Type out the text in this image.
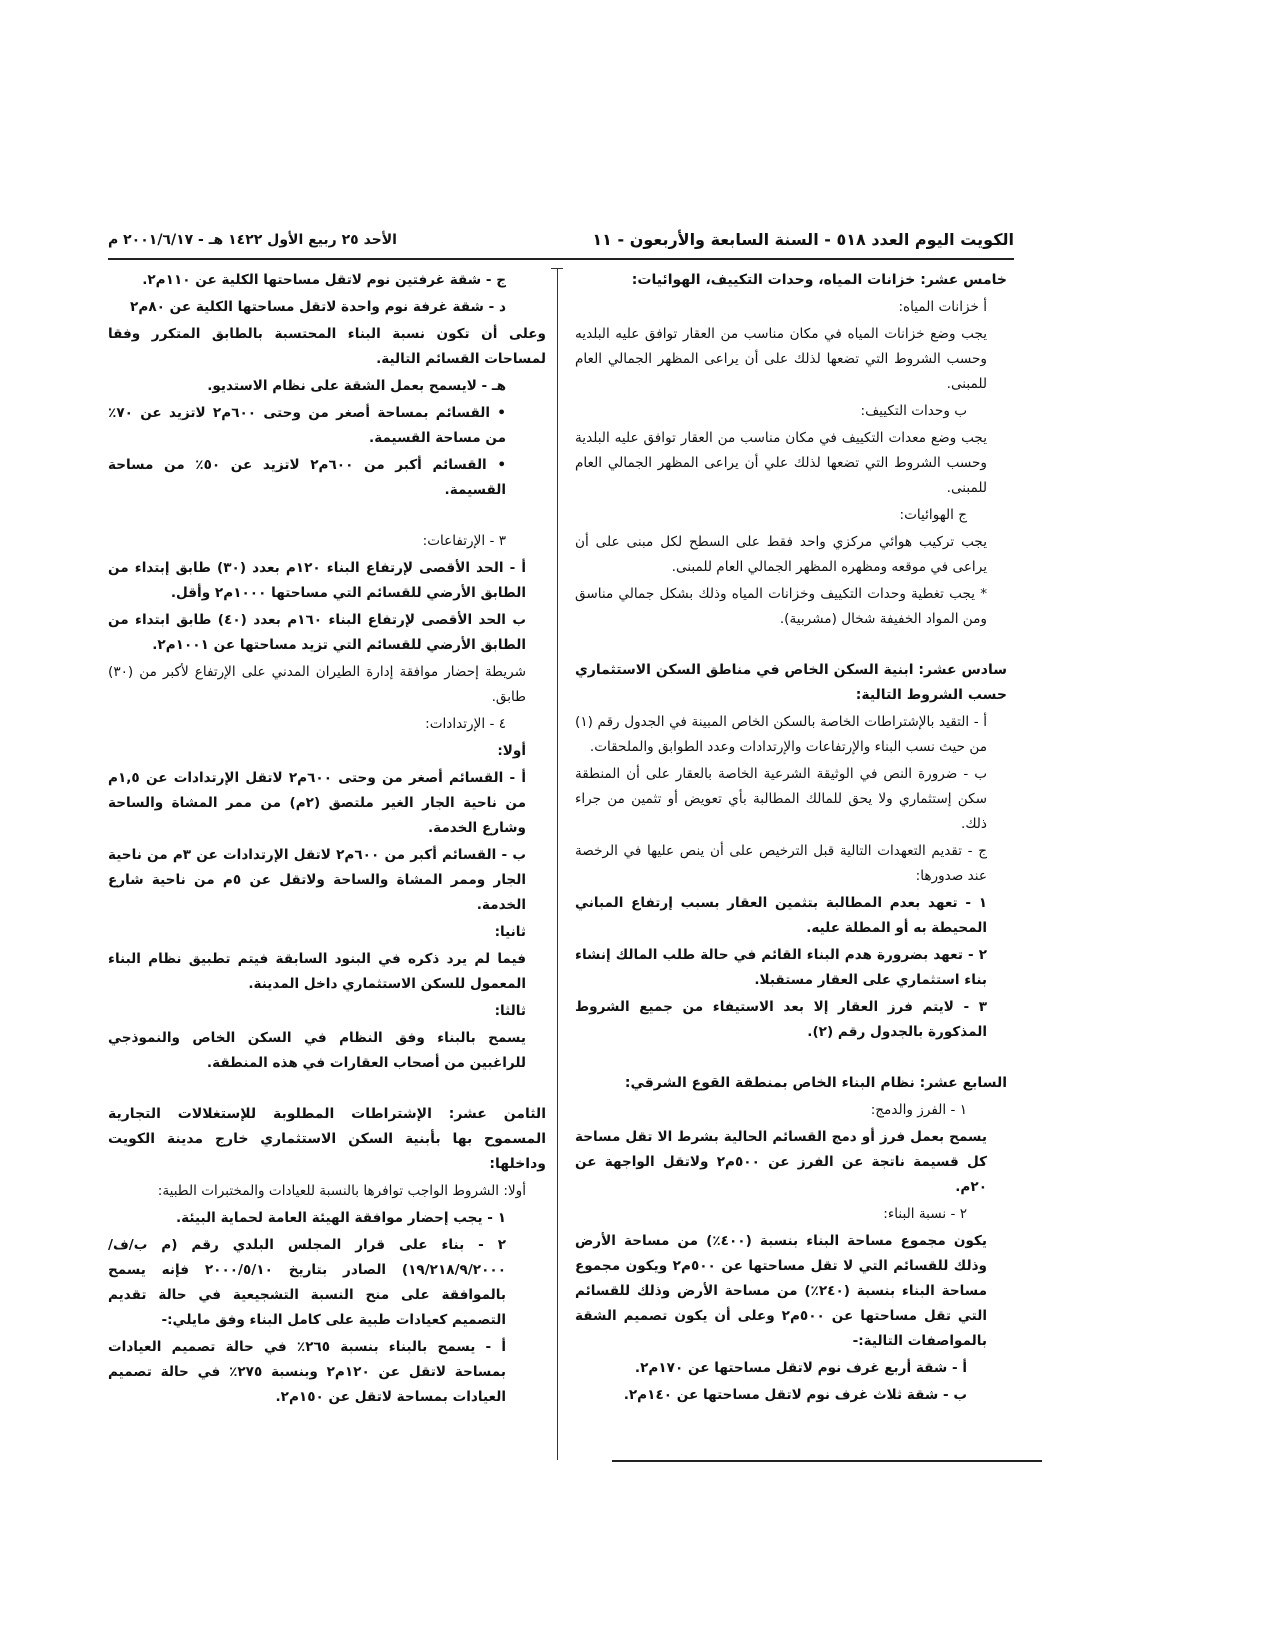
الكويت اليوم العدد ٥١٨ - السنة السابعة والأربعون - ١١
الأحد ٢٥ ربيع الأول ١٤٢٢ هـ - ٢٠٠١/٦/١٧ م

خامس عشر: خزانات المياه، وحدات التكييف، الهوائيات:

أ خزانات المياه:

يجب وضع خزانات المياه في مكان مناسب من العقار توافق عليه البلديه وحسب الشروط التي تضعها لذلك على أن يراعى المظهر الجمالي العام للمبنى.

ب وحدات التكييف:

يجب وضع معدات التكييف في مكان مناسب من العقار توافق عليه البلدية وحسب الشروط التي تضعها لذلك علي أن يراعى المظهر الجمالي العام للمبنى.

ج الهوائيات:

يجب تركيب هوائي مركزي واحد فقط على السطح لكل مبنى على أن يراعى في موقعه ومظهره المظهر الجمالي العام للمبنى.

* يجب تغطية وحدات التكييف وخزانات المياه وذلك بشكل جمالي مناسق ومن المواد الخفيفة شخال (مشربية).

سادس عشر: ابنية السكن الخاص في مناطق السكن الاستثماري حسب الشروط التالية:

أ - التقيد بالإشتراطات الخاصة بالسكن الخاص المبينة في الجدول رقم (١) من حيث نسب البناء والإرتفاعات والإرتدادات وعدد الطوابق والملحقات.

ب - ضرورة النص في الوثيقة الشرعية الخاصة بالعقار على أن المنطقة سكن إستثماري ولا يحق للمالك المطالبة بأي تعويض أو تثمين من جراء ذلك.

ج - تقديم التعهدات التالية قبل الترخيص على أن ينص عليها في الرخصة عند صدورها:

١ - تعهد بعدم المطالبة بتثمين العقار بسبب إرتفاع المباني المحيطة به أو المطلة عليه.

٢ - تعهد بضرورة هدم البناء القائم في حالة طلب المالك إنشاء بناء استثماري على العقار مستقبلا.

٣ - لايتم فرز العقار إلا بعد الاستيفاء من جميع الشروط المذكورة بالجدول رقم (٢).

السابع عشر: نظام البناء الخاص بمنطقة القوع الشرقي:

١ - الفرز والدمج:

يسمح بعمل فرز أو دمج القسائم الحالية بشرط الا تقل مساحة كل قسيمة ناتجة عن الفرز عن ٥٠٠م٢ ولاتقل الواجهة عن ٢٠م.

٢ - نسبة البناء:

يكون مجموع مساحة البناء بنسبة (٤٠٠٪) من مساحة الأرض وذلك للقسائم التي لا تقل مساحتها عن ٥٠٠م٢ ويكون مجموع مساحة البناء بنسبة (٢٤٠٪) من مساحة الأرض وذلك للقسائم التي تقل مساحتها عن ٥٠٠م٢ وعلى أن يكون تصميم الشقة بالمواصفات التالية:-

أ - شقة أربع غرف نوم لاتقل مساحتها عن ١٧٠م٢.

ب - شقة ثلاث غرف نوم لاتقل مساحتها عن ١٤٠م٢.

ج - شقة غرفتين نوم لاتقل مساحتها الكلية عن ١١٠م٢.

د - شقة غرفة نوم واحدة لاتقل مساحتها الكلية عن ٨٠م٢

وعلى أن تكون نسبة البناء المحتسبة بالطابق المتكرر وفقا لمساحات القسائم التالية.

هـ - لايسمح بعمل الشقة على نظام الاستديو.

• القسائم بمساحة أصغر من وحتى ٦٠٠م٢ لاتزيد عن ٧٠٪ من مساحة القسيمة.

• القسائم أكبر من ٦٠٠م٢ لاتزيد عن ٥٠٪ من مساحة القسيمة.

٣ - الإرتفاعات:

أ - الحد الأقصى لإرتفاع البناء ١٢٠م بعدد (٣٠) طابق إبتداء من الطابق الأرضي للقسائم التي مساحتها ١٠٠٠م٢ وأقل.

ب الحد الأقصى لإرتفاع البناء ١٦٠م بعدد (٤٠) طابق ابتداء من الطابق الأرضي للقسائم التي تزيد مساحتها عن ١٠٠١م٢.

شريطة إحضار موافقة إدارة الطيران المدني على الإرتفاع لأكبر من (٣٠) طابق.

٤ - الإرتدادات:

أولا:

أ - القسائم أصغر من وحتى ٦٠٠م٢ لاتقل الإرتدادات عن ١,٥م من ناحية الجار الغير ملتصق (٢م) من ممر المشاة والساحة وشارع الخدمة.

ب - القسائم أكبر من ٦٠٠م٢ لاتقل الإرتدادات عن ٣م من ناحية الجار وممر المشاة والساحة ولاتقل عن ٥م من ناحية شارع الخدمة.

ثانيا:

فيما لم يرد ذكره في البنود السابقة فيتم تطبيق نظام البناء المعمول للسكن الاستثماري داخل المدينة.

ثالثا:

يسمح بالبناء وفق النظام في السكن الخاص والنموذجي للراغبين من أصحاب العقارات في هذه المنطقة.

الثامن عشر: الإشتراطات المطلوبة للإستغلالات التجارية المسموح بها بأبنية السكن الاستثماري خارج مدينة الكويت وداخلها:

أولا: الشروط الواجب توافرها بالنسبة للعيادات والمختبرات الطبية:

١ - يجب إحضار موافقة الهيئة العامة لحماية البيئة.

٢ - بناء على قرار المجلس البلدي رقم (م ب/ف/١٩/٢١٨/٩/٢٠٠٠) الصادر بتاريخ ٢٠٠٠/٥/١٠ فإنه يسمح بالموافقة على منح النسبة التشجيعية في حالة تقديم التصميم كعيادات طبية على كامل البناء وفق مايلي:-

أ - يسمح بالبناء بنسبة ٢٦٥٪ في حالة تصميم العيادات بمساحة لاتقل عن ١٢٠م٢ وبنسبة ٢٧٥٪ في حالة تصميم العيادات بمساحة لاتقل عن ١٥٠م٢.
